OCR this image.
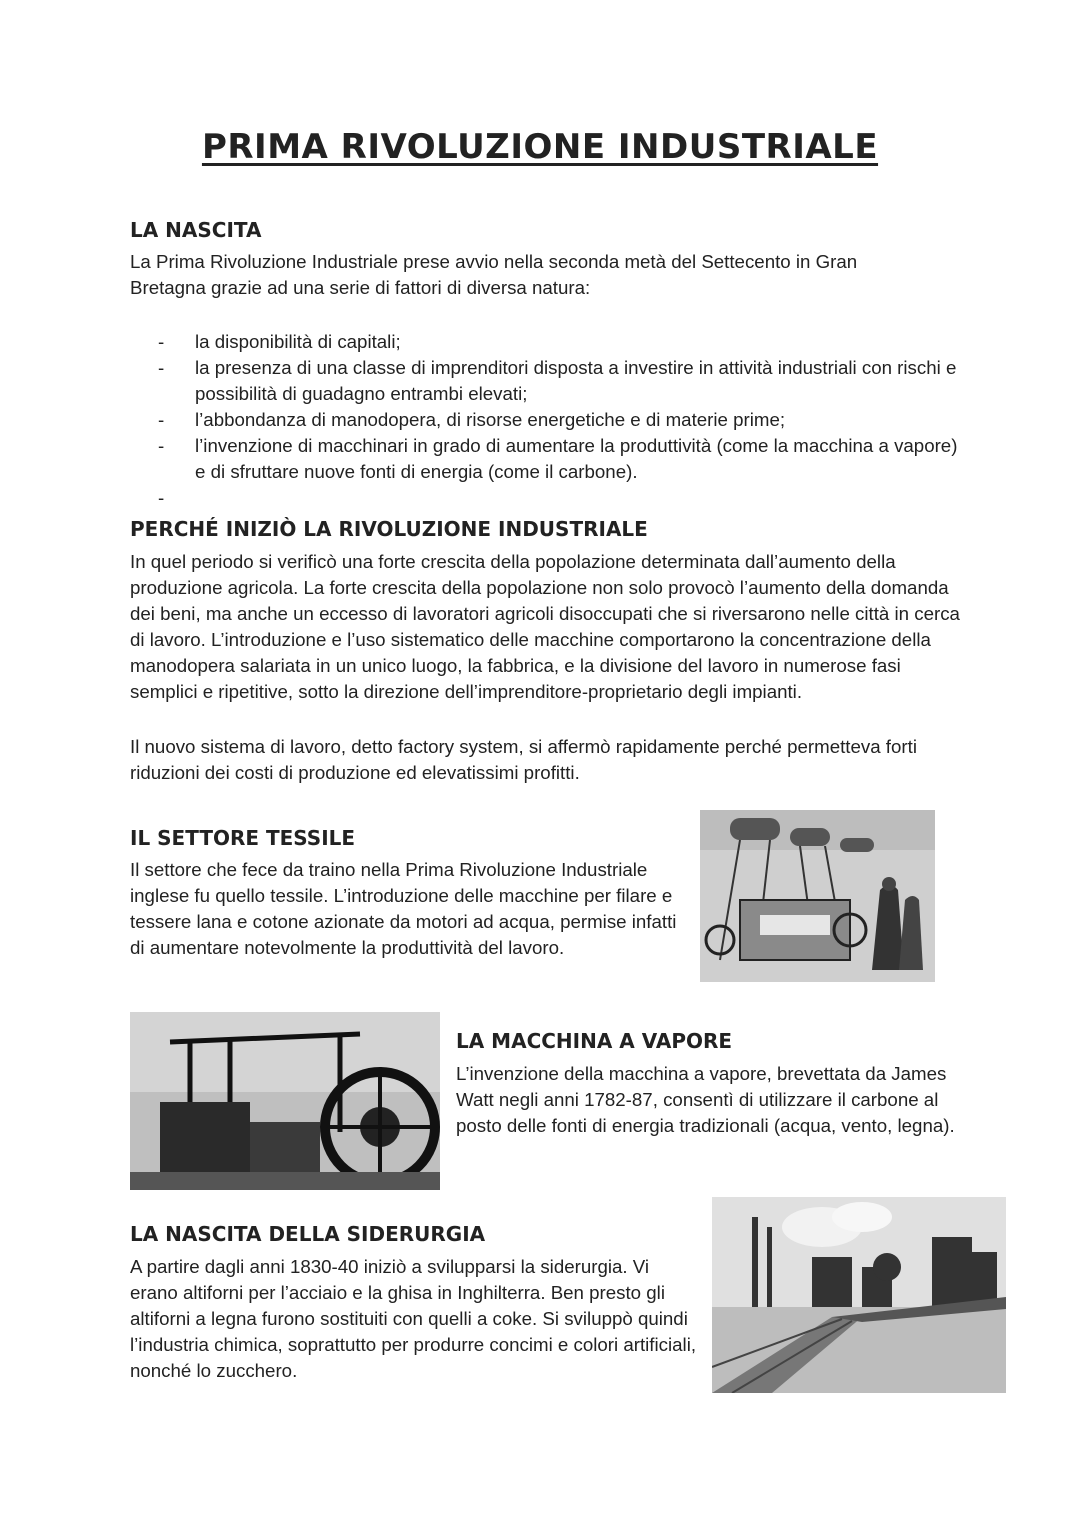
PRIMA RIVOLUZIONE INDUSTRIALE
LA NASCITA

La Prima Rivoluzione Industriale prese avvio nella seconda metà del Settecento in Gran Bretagna grazie ad una serie di fattori di diversa natura:

- la disponibilità di capitali;
- la presenza di una classe di imprenditori disposta a investire in attività industriali con rischi e possibilità di guadagno entrambi elevati;
- l’abbondanza di manodopera, di risorse energetiche e di materie prime;
- l’invenzione di macchinari in grado di aumentare la produttività (come la macchina a vapore) e di sfruttare nuove fonti di energia (come il carbone).
-
PERCHÉ INIZIÒ LA RIVOLUZIONE INDUSTRIALE

In quel periodo si verificò una forte crescita della popolazione determinata dall’aumento della produzione agricola. La forte crescita della popolazione non solo provocò l’aumento della domanda dei beni, ma anche un eccesso di lavoratori agricoli disoccupati che si riversarono nelle città in cerca di lavoro. L’introduzione e l’uso sistematico delle macchine comportarono la concentrazione della manodopera salariata in un unico luogo, la fabbrica, e la divisione del lavoro in numerose fasi semplici e ripetitive, sotto la direzione dell’imprenditore-proprietario degli impianti.

Il nuovo sistema di lavoro, detto factory system, si affermò rapidamente perché permetteva forti riduzioni dei costi di produzione ed elevatissimi profitti.

IL SETTORE TESSILE

Il settore che fece da traino nella Prima Rivoluzione Industriale inglese fu quello tessile. L’introduzione delle macchine per filare e tessere lana e cotone azionate da motori ad acqua, permise infatti di aumentare notevolmente la produttività del lavoro.

LA MACCHINA A VAPORE

L’invenzione della macchina a vapore, brevettata da James Watt negli anni 1782-87, consentì di utilizzare il carbone al posto delle fonti di energia tradizionali (acqua, vento, legna).

LA NASCITA DELLA SIDERURGIA

A partire dagli anni 1830-40 iniziò a svilupparsi la siderurgia. Vi erano altiforni per l’acciaio e la ghisa in Inghilterra. Ben presto gli altiforni a legna furono sostituiti con quelli a coke. Si sviluppò quindi l’industria chimica, soprattutto per produrre concimi e colori artificiali, nonché lo zucchero.
